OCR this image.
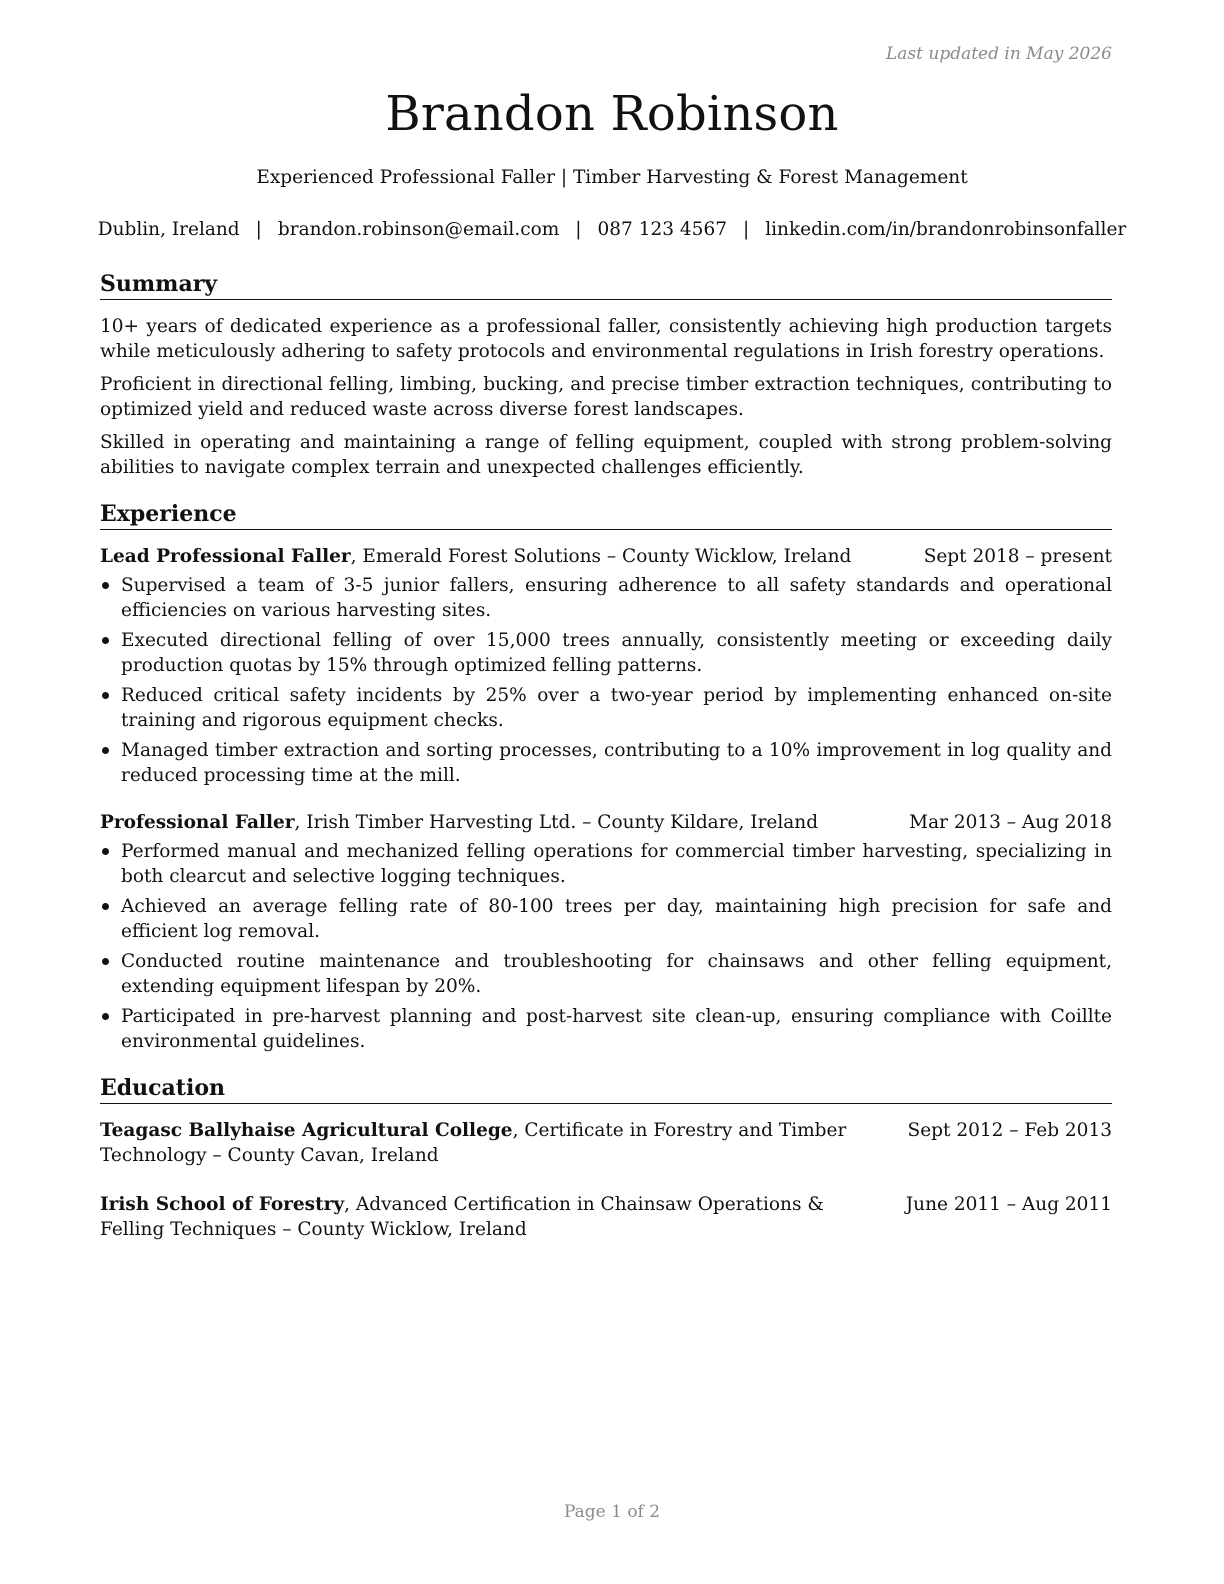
Last updated in May 2026
Brandon Robinson
Experienced Professional Faller | Timber Harvesting & Forest Management
Dublin, Ireland | brandon.robinson@email.com | 087 123 4567 | linkedin.com/in/brandonrobinsonfaller
Summary

10+ years of dedicated experience as a professional faller, consistently achieving high production targets while meticulously adhering to safety protocols and environmental regulations in Irish forestry operations.

Proficient in directional felling, limbing, bucking, and precise timber extraction techniques, contributing to optimized yield and reduced waste across diverse forest landscapes.

Skilled in operating and maintaining a range of felling equipment, coupled with strong problem-solving abilities to navigate complex terrain and unexpected challenges efficiently.

Experience
Lead Professional Faller, Emerald Forest Solutions – County Wicklow, Ireland	Sept 2018 – present
Supervised a team of 3-5 junior fallers, ensuring adherence to all safety standards and operational efficiencies on various harvesting sites.
Executed directional felling of over 15,000 trees annually, consistently meeting or exceeding daily production quotas by 15% through optimized felling patterns.
Reduced critical safety incidents by 25% over a two-year period by implementing enhanced on-site training and rigorous equipment checks.
Managed timber extraction and sorting processes, contributing to a 10% improvement in log quality and reduced processing time at the mill.
Professional Faller, Irish Timber Harvesting Ltd. – County Kildare, Ireland	Mar 2013 – Aug 2018
Performed manual and mechanized felling operations for commercial timber harvesting, specializing in both clearcut and selective logging techniques.
Achieved an average felling rate of 80-100 trees per day, maintaining high precision for safe and efficient log removal.
Conducted routine maintenance and troubleshooting for chainsaws and other felling equipment, extending equipment lifespan by 20%.
Participated in pre-harvest planning and post-harvest site clean-up, ensuring compliance with Coillte environmental guidelines.
Education
Teagasc Ballyhaise Agricultural College, Certificate in Forestry and Timber Technology – County Cavan, Ireland
Sept 2012 – Feb 2013
Irish School of Forestry, Advanced Certification in Chainsaw Operations & Felling Techniques – County Wicklow, Ireland
June 2011 – Aug 2011
Page 1 of 2
